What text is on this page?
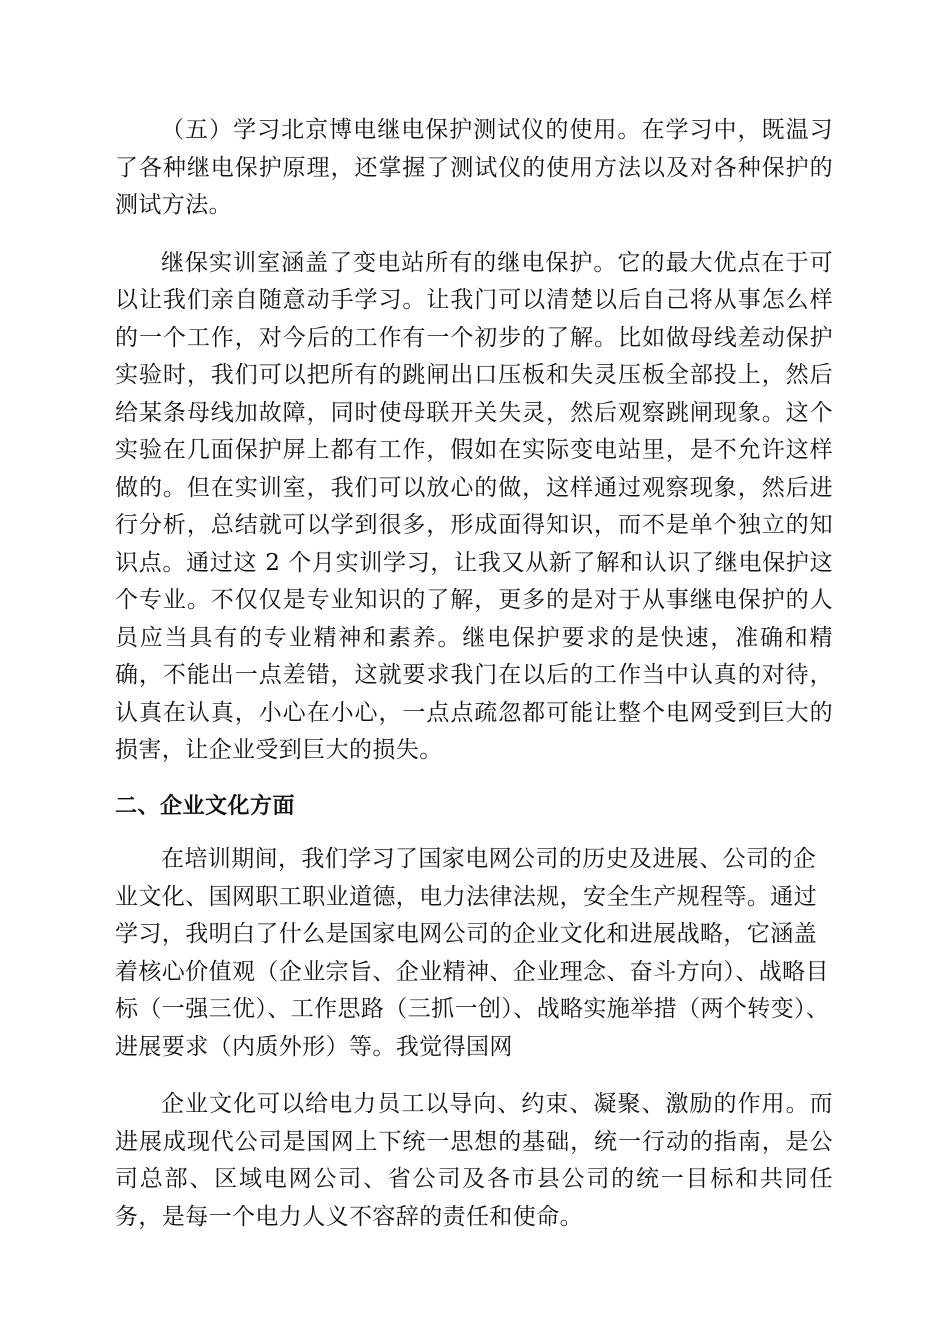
（五）学习北京博电继电保护测试仪的使用。在学习中，既温习了各种继电保护原理，还掌握了测试仪的使用方法以及对各种保护的测试方法。

继保实训室涵盖了变电站所有的继电保护。它的最大优点在于可以让我们亲自随意动手学习。让我门可以清楚以后自己将从事怎么样的一个工作，对今后的工作有一个初步的了解。比如做母线差动保护实验时，我们可以把所有的跳闸出口压板和失灵压板全部投上，然后给某条母线加故障，同时使母联开关失灵，然后观察跳闸现象。这个实验在几面保护屏上都有工作，假如在实际变电站里，是不允许这样做的。但在实训室，我们可以放心的做，这样通过观察现象，然后进行分析，总结就可以学到很多，形成面得知识，而不是单个独立的知识点。通过这 2 个月实训学习，让我又从新了解和认识了继电保护这个专业。不仅仅是专业知识的了解，更多的是对于从事继电保护的人员应当具有的专业精神和素养。继电保护要求的是快速，准确和精确，不能出一点差错，这就要求我门在以后的工作当中认真的对待，认真在认真，小心在小心，一点点疏忽都可能让整个电网受到巨大的损害，让企业受到巨大的损失。

二、企业文化方面

在培训期间，我们学习了国家电网公司的历史及进展、公司的企业文化、国网职工职业道德，电力法律法规，安全生产规程等。通过学习，我明白了什么是国家电网公司的企业文化和进展战略，它涵盖着核心价值观（企业宗旨、企业精神、企业理念、奋斗方向）、战略目标（一强三优）、工作思路（三抓一创）、战略实施举措（两个转变）、进展要求（内质外形）等。我觉得国网

企业文化可以给电力员工以导向、约束、凝聚、激励的作用。而进展成现代公司是国网上下统一思想的基础，统一行动的指南，是公司总部、区域电网公司、省公司及各市县公司的统一目标和共同任务，是每一个电力人义不容辞的责任和使命。
